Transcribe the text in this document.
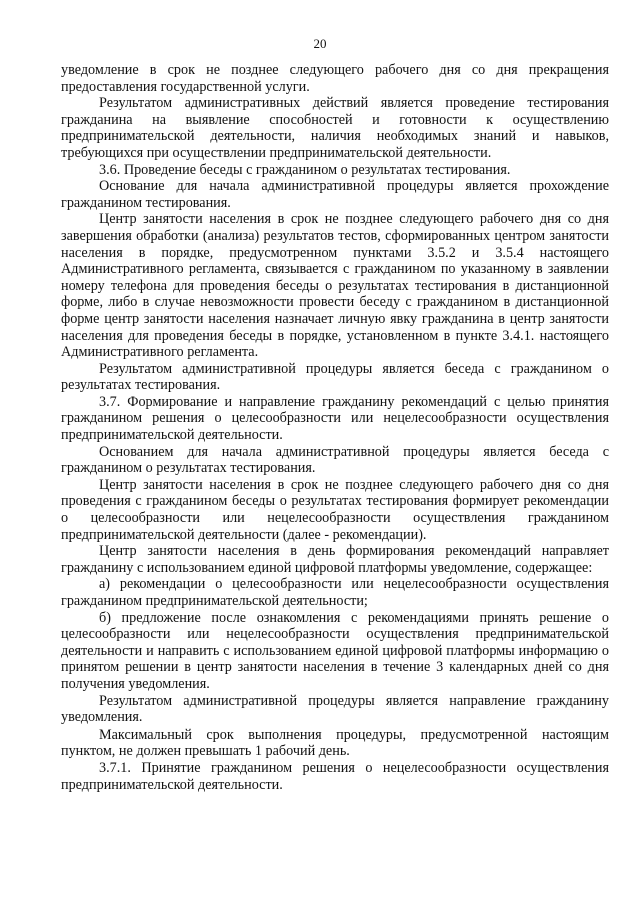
20

уведомление в срок не позднее следующего рабочего дня со дня прекращения предоставления государственной услуги.

Результатом административных действий является проведение тестирования гражданина на выявление способностей и готовности к осуществлению предпринимательской деятельности, наличия необходимых знаний и навыков, требующихся при осуществлении предпринимательской деятельности.

3.6. Проведение беседы с гражданином о результатах тестирования.

Основание для начала административной процедуры является прохождение гражданином тестирования.

Центр занятости населения в срок не позднее следующего рабочего дня со дня завершения обработки (анализа) результатов тестов, сформированных центром занятости населения в порядке, предусмотренном пунктами 3.5.2 и 3.5.4 настоящего Административного регламента, связывается с гражданином по указанному в заявлении номеру телефона для проведения беседы о результатах тестирования в дистанционной форме, либо в случае невозможности провести беседу с гражданином в дистанционной форме центр занятости населения назначает личную явку гражданина в центр занятости населения для проведения беседы в порядке, установленном в пункте 3.4.1. настоящего Административного регламента.

Результатом административной процедуры является беседа с гражданином о результатах тестирования.

3.7. Формирование и направление гражданину рекомендаций с целью принятия гражданином решения о целесообразности или нецелесообразности осуществления предпринимательской деятельности.

Основанием для начала административной процедуры является беседа с гражданином о результатах тестирования.

Центр занятости населения в срок не позднее следующего рабочего дня со дня проведения с гражданином беседы о результатах тестирования формирует рекомендации о целесообразности или нецелесообразности осуществления гражданином предпринимательской деятельности (далее - рекомендации).

Центр занятости населения в день формирования рекомендаций направляет гражданину с использованием единой цифровой платформы уведомление, содержащее:

а) рекомендации о целесообразности или нецелесообразности осуществления гражданином предпринимательской деятельности;

б) предложение после ознакомления с рекомендациями принять решение о целесообразности или нецелесообразности осуществления предпринимательской деятельности и направить с использованием единой цифровой платформы информацию о принятом решении в центр занятости населения в течение 3 календарных дней со дня получения уведомления.

Результатом административной процедуры является направление гражданину уведомления.

Максимальный срок выполнения процедуры, предусмотренной настоящим пунктом, не должен превышать 1 рабочий день.

3.7.1. Принятие гражданином решения о нецелесообразности осуществления предпринимательской деятельности.
